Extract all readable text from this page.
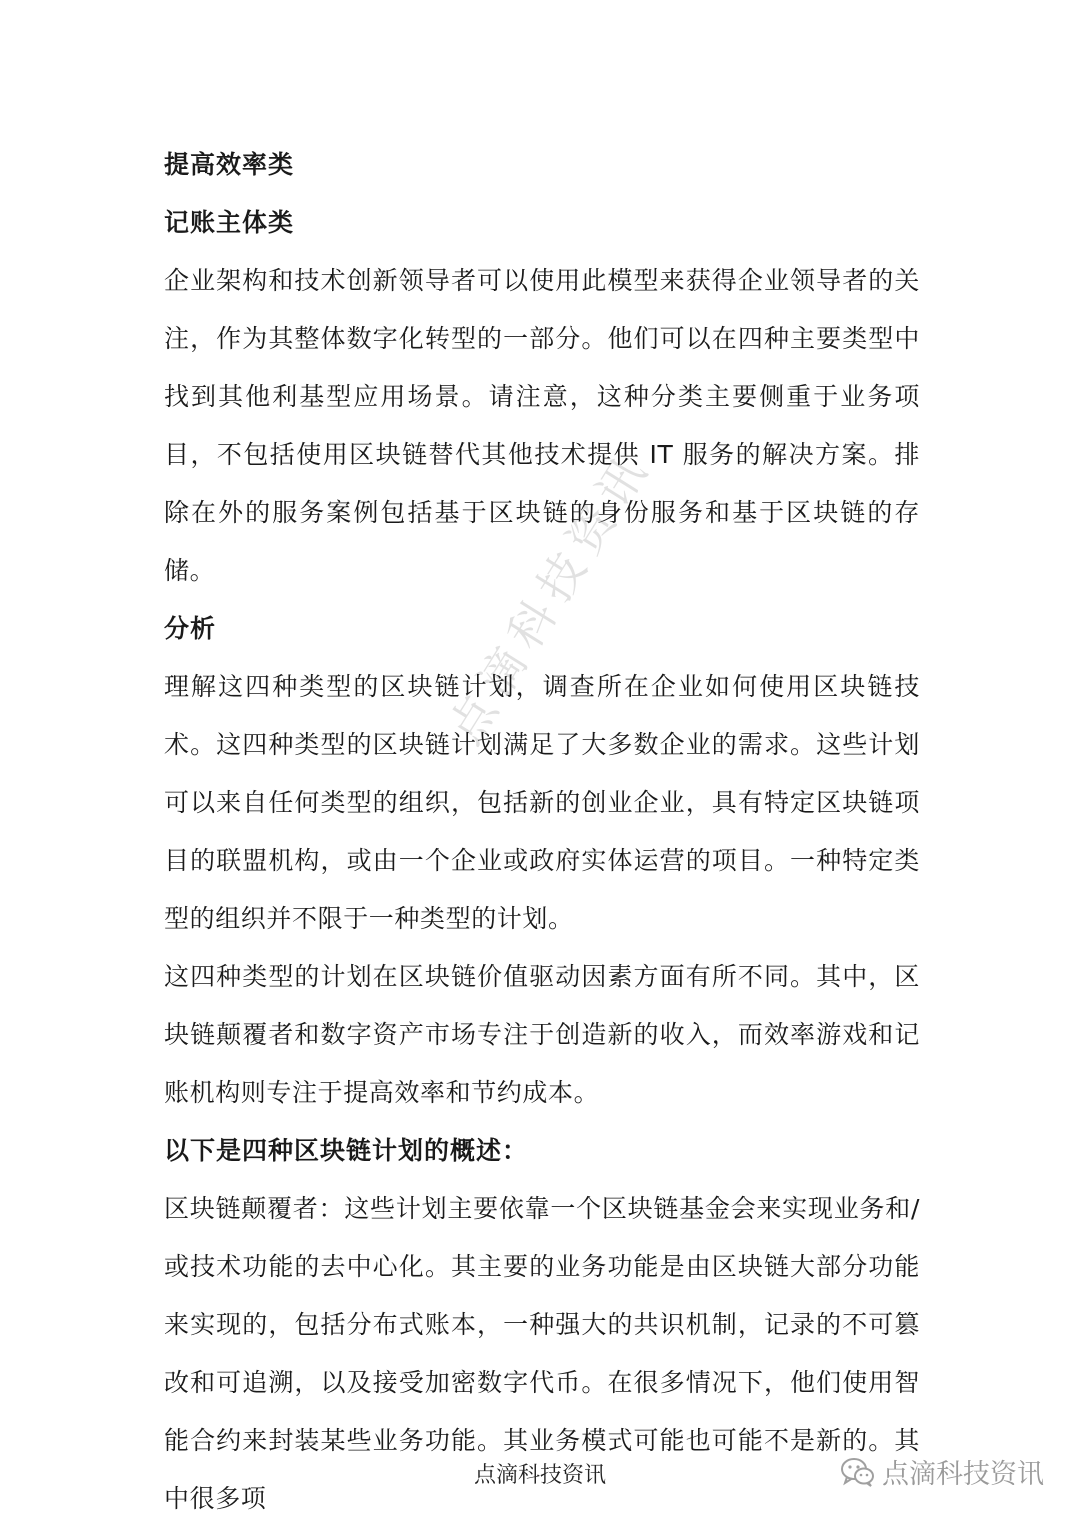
点滴科技资讯

提高效率类

记账主体类

企业架构和技术创新领导者可以使用此模型来获得企业领导者的关注，作为其整体数字化转型的一部分。他们可以在四种主要类型中找到其他利基型应用场景。请注意，这种分类主要侧重于业务项目，不包括使用区块链替代其他技术提供 IT 服务的解决方案。排除在外的服务案例包括基于区块链的身份服务和基于区块链的存储。

分析

理解这四种类型的区块链计划，调查所在企业如何使用区块链技术。这四种类型的区块链计划满足了大多数企业的需求。这些计划可以来自任何类型的组织，包括新的创业企业，具有特定区块链项目的联盟机构，或由一个企业或政府实体运营的项目。一种特定类型的组织并不限于一种类型的计划。

这四种类型的计划在区块链价值驱动因素方面有所不同。其中，区块链颠覆者和数字资产市场专注于创造新的收入，而效率游戏和记账机构则专注于提高效率和节约成本。

以下是四种区块链计划的概述：

区块链颠覆者：这些计划主要依靠一个区块链基金会来实现业务和/或技术功能的去中心化。其主要的业务功能是由区块链大部分功能来实现的，包括分布式账本，一种强大的共识机制，记录的不可篡改和可追溯，以及接受加密数字代币。在很多情况下，他们使用智能合约来封装某些业务功能。其业务模式可能也可能不是新的。其中很多项

点滴科技资讯	点滴科技资讯
